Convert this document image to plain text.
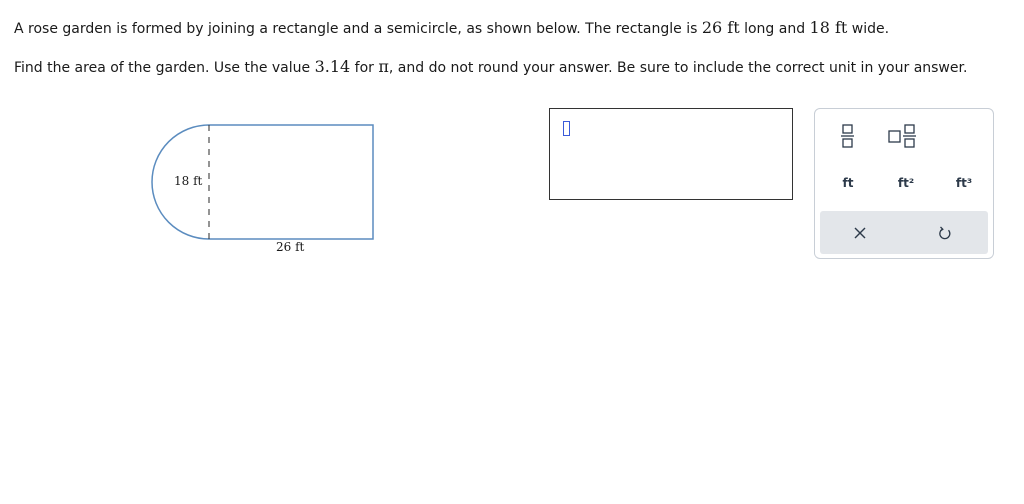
A rose garden is formed by joining a rectangle and a semicircle, as shown below. The rectangle is 26 ft long and 18 ft wide.
Find the area of the garden. Use the value 3.14 for π, and do not round your answer. Be sure to include the correct unit in your answer.
18 ft
26 ft
ft	ft²	ft³
